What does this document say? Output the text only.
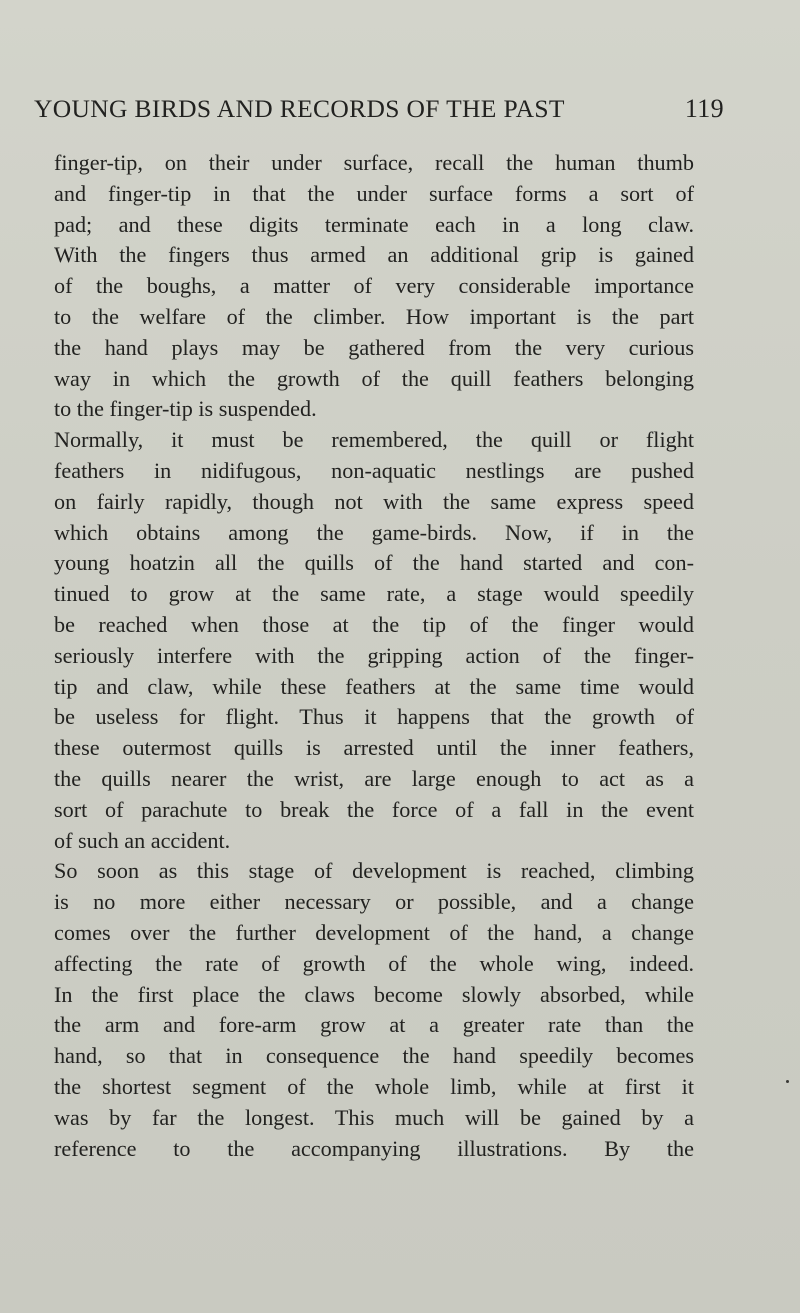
YOUNG BIRDS AND RECORDS OF THE PAST	119
finger-tip, on their under surface, recall the human thumb
and finger-tip in that the under surface forms a sort of
pad; and these digits terminate each in a long claw.
With the fingers thus armed an additional grip is gained
of the boughs, a matter of very considerable importance
to the welfare of the climber. How important is the part
the hand plays may be gathered from the very curious
way in which the growth of the quill feathers belonging
to the finger-tip is suspended.
Normally, it must be remembered, the quill or flight
feathers in nidifugous, non-aquatic nestlings are pushed
on fairly rapidly, though not with the same express speed
which obtains among the game-birds. Now, if in the
young hoatzin all the quills of the hand started and con-
tinued to grow at the same rate, a stage would speedily
be reached when those at the tip of the finger would
seriously interfere with the gripping action of the finger-
tip and claw, while these feathers at the same time would
be useless for flight. Thus it happens that the growth of
these outermost quills is arrested until the inner feathers,
the quills nearer the wrist, are large enough to act as a
sort of parachute to break the force of a fall in the event
of such an accident.
So soon as this stage of development is reached, climbing
is no more either necessary or possible, and a change
comes over the further development of the hand, a change
affecting the rate of growth of the whole wing, indeed.
In the first place the claws become slowly absorbed, while
the arm and fore-arm grow at a greater rate than the
hand, so that in consequence the hand speedily becomes
the shortest segment of the whole limb, while at first it
was by far the longest. This much will be gained by a
reference to the accompanying illustrations. By the
